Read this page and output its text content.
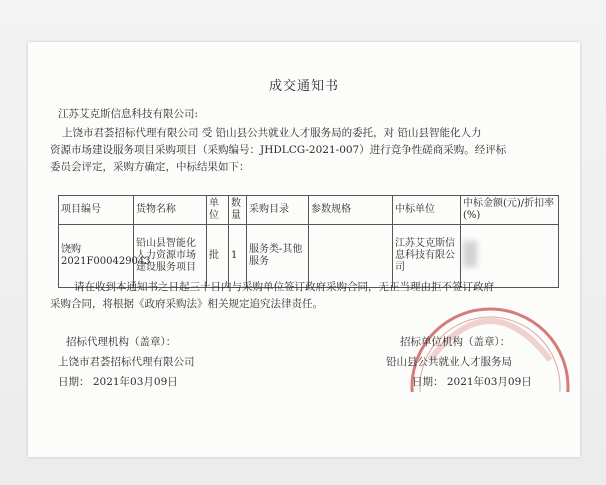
成交通知书
江苏艾克斯信息科技有限公司:
上饶市君荟招标代理有限公司 受 铅山县公共就业人才服务局的委托，对 铅山县智能化人力
资源市场建设服务项目采购项目（采购编号：JHDLCG-2021-007）进行竞争性磋商采购。经评标
委员会评定，采购方确定，中标结果如下：
项目编号	货物名称	单位	数量	采购目录	参数规格	中标单位	中标金额(元)/折扣率(%)
饶购2021F000429043	铅山县智能化人力资源市场建设服务项目	批	1	服务类-其他服务		江苏艾克斯信息科技有限公司	
请在收到本通知书之日起三十日内与采购单位签订政府采购合同，无正当理由拒不签订政府
采购合同，将根据《政府采购法》相关规定追究法律责任。
招标代理机构（盖章）：
上饶市君荟招标代理有限公司
日期： 2021年03月09日
招标单位机构（盖章）：
铅山县公共就业人才服务局
日期： 2021年03月09日
